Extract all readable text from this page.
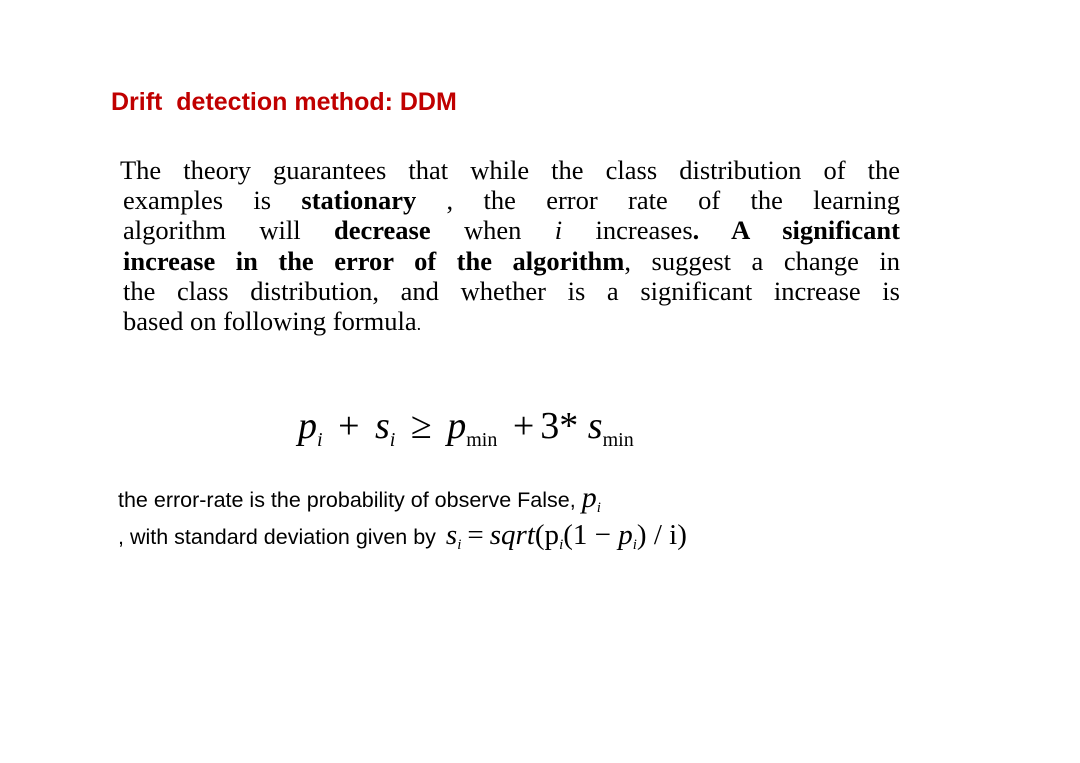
Drift  detection method: DDM
The theory guarantees that while the class distribution of the
examples is stationary , the error rate of the learning
algorithm will decrease when i increases. A significant
increase in the error of the algorithm, suggest a change in
the class distribution, and whether is a significant increase is
based on following formula.
$p_i + s_i \ge p_{min} + 3*$ $s_{min}$
the error-rate is the probability of observe False, $p_i$
, with standard deviation given by $s_i$ = $sqrt(p_i(1 - p_i) / i)$
